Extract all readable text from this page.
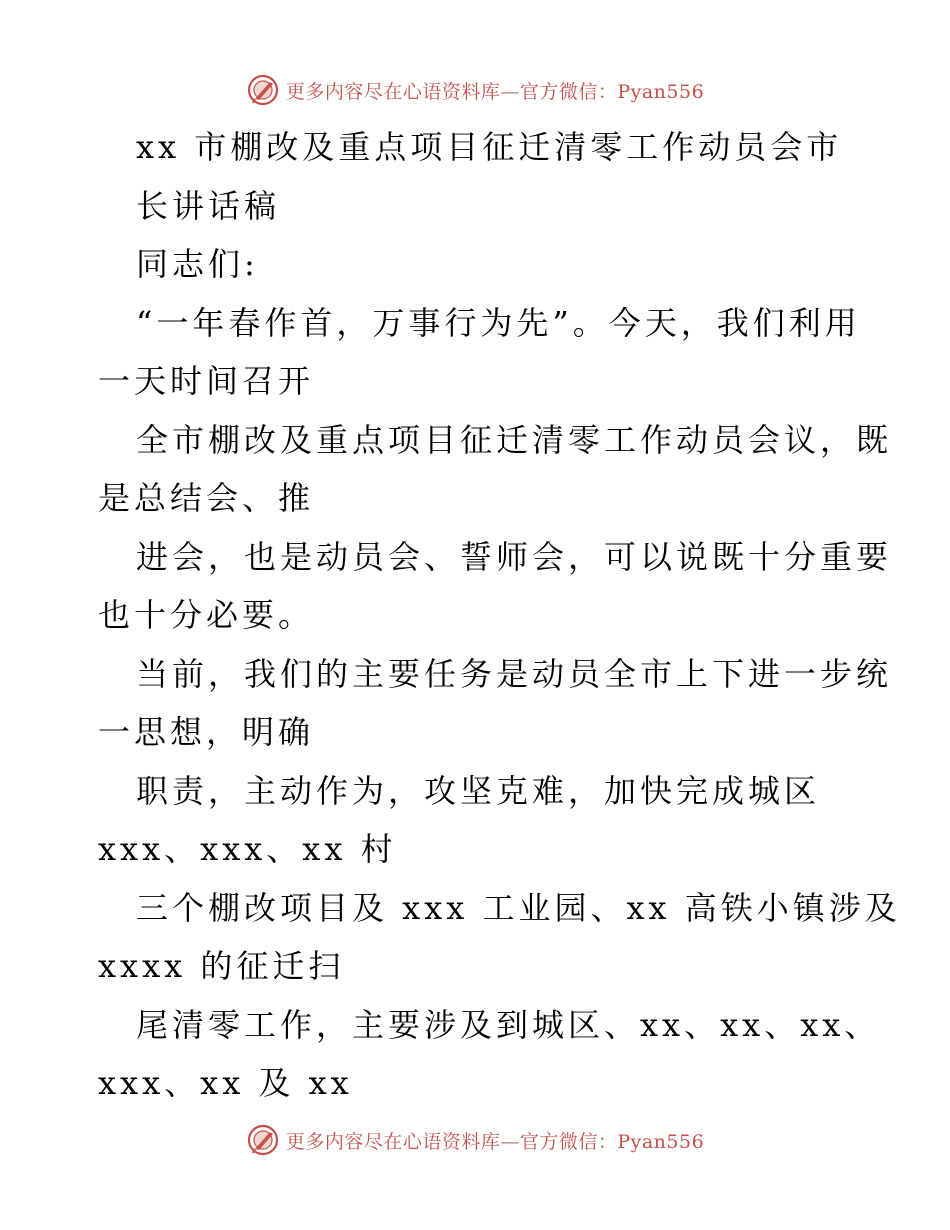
更多内容尽在心语资料库—官方微信：Pyan556
xx 市棚改及重点项目征迁清零工作动员会市
长讲话稿
同志们:
“一年春作首，万事行为先”。今天，我们利用
一天时间召开
全市棚改及重点项目征迁清零工作动员会议，既
是总结会、推
进会，也是动员会、誓师会，可以说既十分重要
也十分必要。
当前，我们的主要任务是动员全市上下进一步统
一思想，明确
职责，主动作为，攻坚克难，加快完成城区
xxx、xxx、xx 村
三个棚改项目及 xxx 工业园、xx 高铁小镇涉及
xxxx 的征迁扫
尾清零工作，主要涉及到城区、xx、xx、xx、
xxx、xx 及 xx
更多内容尽在心语资料库—官方微信：Pyan556
